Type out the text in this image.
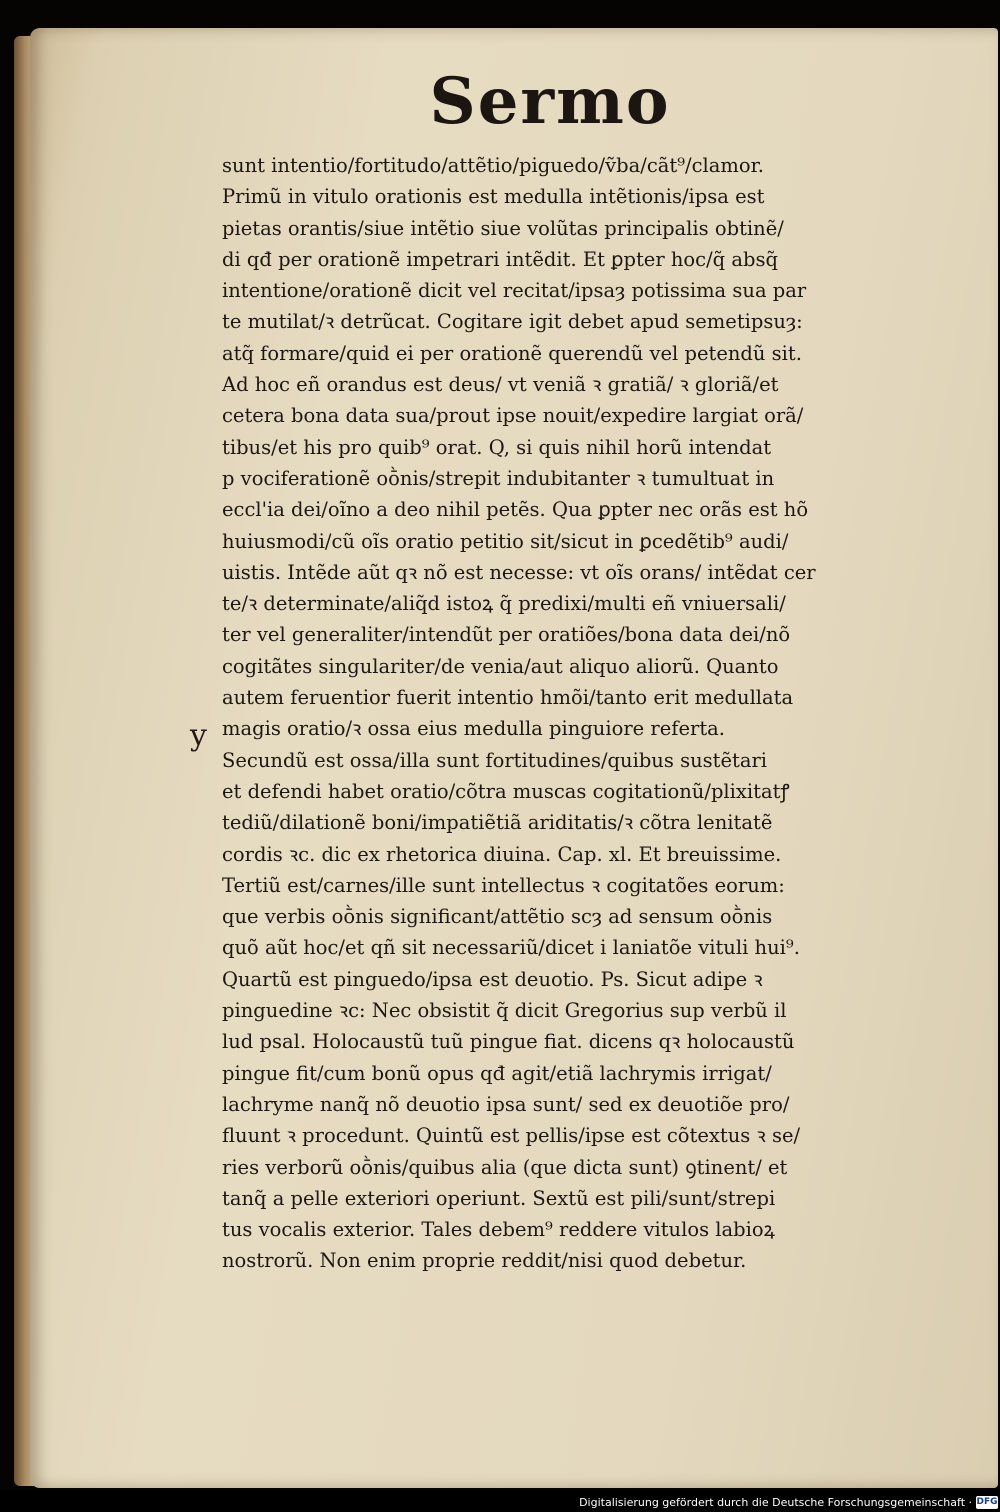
Sermo
y
sunt intentio/fortitudo/attẽtio/piguedo/ṽba/cãt⁹/clamor.
Primũ in vitulo orationis est medulla intẽtionis/ipsa est
pietas orantis/siue intẽtio siue volũtas principalis obtinẽ/
di qđ per orationẽ impetrari intẽdit. Et ꝑpter hoc/q̃ absq̃
intentione/orationẽ dicit vel recitat/ipsaȝ potissima sua par
te mutilat/ꝛ detrũcat. Cogitare igit debet apud semetipsuȝ:
atq̃ formare/quid ei per orationẽ querendũ vel petendũ sit.
Ad hoc eñ orandus est deus/ vt veniã ꝛ gratiã/ ꝛ gloriã/et
cetera bona data sua/prout ipse nouit/expedire largiat orã/
tibus/et his pro quib⁹ orat. Q, si quis nihil horũ intendat
p vociferationẽ oṑnis/strepit indubitanter ꝛ tumultuat in
eccl'ia dei/oĩno a deo nihil petẽs. Qua ꝑpter nec orãs est hõ
huiusmodi/cũ oĩs oratio petitio sit/sicut in ꝑcedẽtib⁹ audi/
uistis. Intẽde aũt qꝛ nõ est necesse: vt oĩs orans/ intẽdat cer
te/ꝛ determinate/aliq̃d istoꝝ q̃ predixi/multi eñ vniuersali/
ter vel generaliter/intendũt per oratiões/bona data dei/nõ
cogitãtes singulariter/de venia/aut aliquo aliorũ. Quanto
autem feruentior fuerit intentio hmõi/tanto erit medullata
magis oratio/ꝛ ossa eius medulla pinguiore referta.
Secundũ est ossa/illa sunt fortitudines/quibus sustẽtari
et defendi habet oratio/cõtra muscas cogitationũ/plixitatꝭ
tediũ/dilationẽ boni/impatiẽtiã ariditatis/ꝛ cõtra lenitatẽ
cordis ꝛc. dic ex rhetorica diuina. Cap. xl. Et breuissime.
Tertiũ est/carnes/ille sunt intellectus ꝛ cogitatões eorum:
que verbis oṑnis significant/attẽtio scȝ ad sensum oṑnis
quõ aũt hoc/et qñ sit necessariũ/dicet i laniatõe vituli hui⁹.
Quartũ est pinguedo/ipsa est deuotio. Ps. Sicut adipe ꝛ
pinguedine ꝛc: Nec obsistit q̃ dicit Gregorius sup verbũ il
lud psal. Holocaustũ tuũ pingue fiat. dicens qꝛ holocaustũ
pingue fit/cum bonũ opus qđ agit/etiã lachrymis irrigat/
lachryme nanq̃ nõ deuotio ipsa sunt/ sed ex deuotiõe pro/
fluunt ꝛ procedunt. Quintũ est pellis/ipse est cõtextus ꝛ se/
ries verborũ oṑnis/quibus alia (que dicta sunt) ꝯtinent/ et
tanq̃ a pelle exteriori operiunt. Sextũ est pili/sunt/strepi
tus vocalis exterior. Tales debem⁹ reddere vitulos labioꝝ
nostrorũ. Non enim proprie reddit/nisi quod debetur.
Digitalisierung gefördert durch die Deutsche Forschungsgemeinschaft · DFG
